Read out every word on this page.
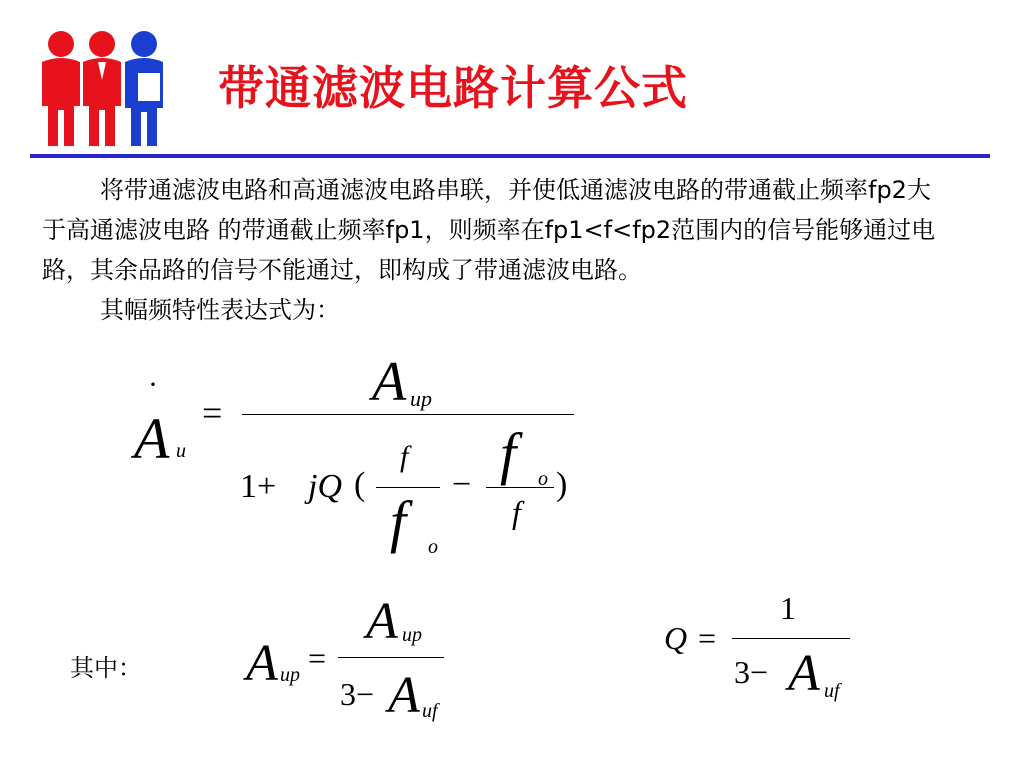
带通滤波电路计算公式

将带通滤波电路和高通滤波电路串联，并使低通滤波电路的带通截止频率fp2大于高通滤波电路 的带通截止频率fp1，则频率在fp1<f<fp2范围内的信号能够通过电路，其余品路的信号不能通过，即构成了带通滤波电路。

其幅频特性表达式为：

·
A u
=	A up
1+ jQ (
f
f o
− f o
f
)
其中： A up =
A up
3− A uf
Q =
1
3− A uf
